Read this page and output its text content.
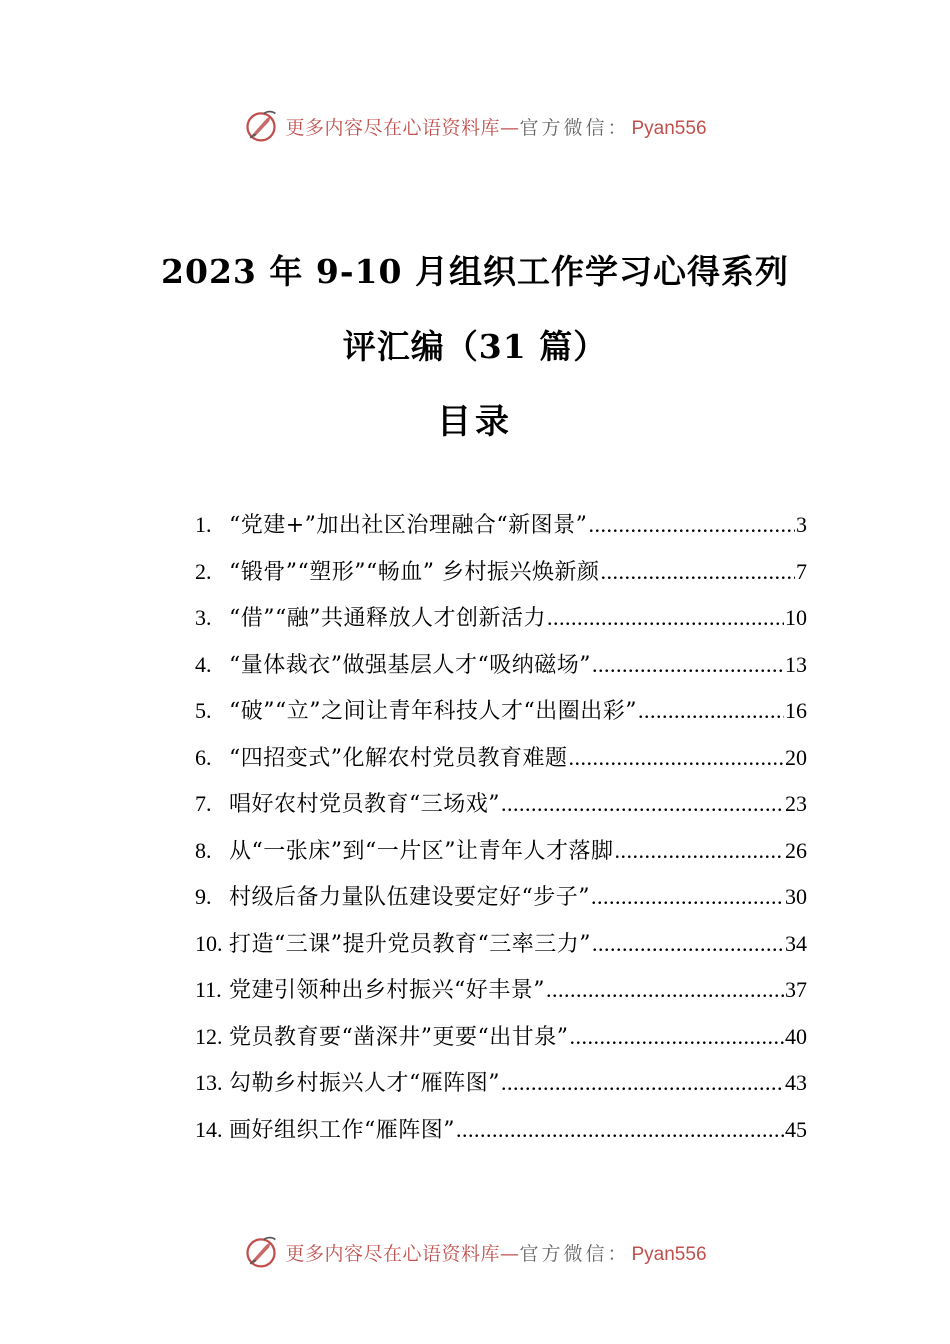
更多内容尽在心语资料库—官方微信： Pyan556
2023 年 9-10 月组织工作学习心得系列
评汇编（31 篇）
目录
1. “党建+”加出社区治理融合“新图景” .....	3
2. “锻骨”“塑形”“畅血” 乡村振兴焕新颜 .....	7
3. “借”“融”共通释放人才创新活力 .....	10
4. “量体裁衣”做强基层人才“吸纳磁场” .....	13
5. “破”“立”之间让青年科技人才“出圈出彩” .....	16
6. “四招变式”化解农村党员教育难题 .....	20
7. 唱好农村党员教育“三场戏” .....	23
8. 从“一张床”到“一片区”让青年人才落脚 .....	26
9. 村级后备力量队伍建设要定好“步子” .....	30
10. 打造“三课”提升党员教育“三率三力” .....	34
11. 党建引领种出乡村振兴“好丰景” .....	37
12. 党员教育要“凿深井”更要“出甘泉” .....	40
13. 勾勒乡村振兴人才“雁阵图” .....	43
14. 画好组织工作“雁阵图” .....	45
更多内容尽在心语资料库—官方微信： Pyan556
